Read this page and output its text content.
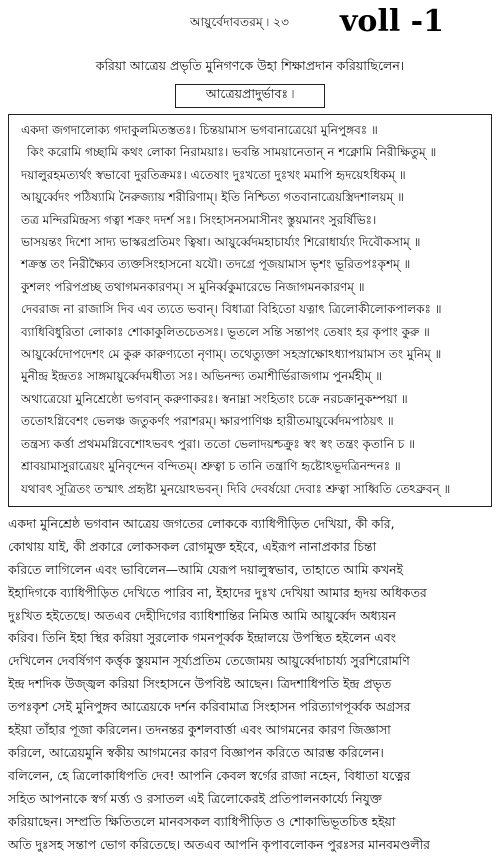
আয়ুর্বেদাবতরম্‌ ৷ ২৩ voll -1
করিয়া আত্রেয় প্রভৃতি মুনিগণকে উহা শিক্ষাপ্রদান করিয়াছিলেন।
আত্রেয়প্রাদুর্ভাবঃ ৷
একদা জগদালোক্য গদাকুলমিতস্ততঃ। চিন্তয়ামাস ভগবানাত্রেয়ো মুনিপুঙ্গবঃ ॥
কিং করোমি গচ্ছামি কথং লোকা নিরাময়াঃ। ভবন্তি সাময়ানেতান্‌ ন শক্নোমি নিরীক্ষিতুম্‌ ॥
দয়ালুরহমত্যর্থং স্বভাবো দুরতিক্রমঃ। এতেষাং দুঃখতো দুঃখং মমাপি হৃদয়েঽধিকম্‌ ॥
আয়ুর্ব্বেদং পঠিষ্যামি নৈরুজ্যায় শরীরিণাম্‌। ইতি নিশ্চিত্য গতবানাত্রেয়স্ত্রিদশালয়ম্‌ ॥
তত্র মন্দিরমিন্দ্রস্য গত্বা শক্রং দদর্শ সঃ। সিংহাসনসমাসীনং স্তুয়মানং সুরর্ষিভিঃ।
ভাসয়ন্তং দিশো সাদ্য ভাস্করপ্রতিমং ত্বিষা। আয়ুর্ব্বেদমহাচার্য্যং শিরোধার্য্যং দিবৌকসাম্‌ ॥
শক্রস্ত তং নিরীক্ষ্যৈব ত্যক্তসিংহাসনো যযৌ। তদগ্রে পূজয়ামাস ভৃশং ভূরিতপঃকৃশম্‌ ॥
কুশলং পরিপপ্রচ্ছ তথাগমনকারণম্‌। স মুনির্ব্বকুমারেভে নিজাগমনকারণম্‌ ॥
দেবরাজ না রাজাসি দিব এব ত্যতে ভবান্‌। বিধাত্রা বিহিতো যত্নাৎ ত্রিলোকীলোকপালকঃ ॥
ব্যাধিবিধুরিতা লোকাঃ শোকাকুলিতচেতসঃ। ভূতলে সন্তি সন্তাপং তেষাং হর কৃপাং কুরু ॥
আয়ুর্ব্বেদোপদেশং মে কুরু কারুণ্যতো নৃণাম্‌। তথেত্যুক্তা সহস্রাক্ষোঽধ্যাপয়ামাস তং মুনিম্‌ ॥
মুনীন্দ্র ইন্দ্রতঃ সাঙ্গমায়ুর্ব্বেদমধীত্য সঃ। অভিনন্দ্য তমাশীর্ভিরাজগাম পুনর্মহীম্‌ ॥
অথাত্রেয়ো মুনিশ্রেষ্ঠো ভগবান্‌ করুণাকরঃ। স্বনাম্না সংহিতাং চক্রে নরচক্রানুকম্পয়া ॥
ততোঽগ্নিবেশং ভেলঞ্চ জতুকর্ণং পরাশরম্‌। ক্ষারপাণিঞ্চ হারীতমায়ুর্ব্বেদমপাঠয়ৎ ॥
তন্ত্রস্য কর্ত্তা প্রথমমগ্নিবেশোঽভবৎ পুরা। ততো ভেলাদয়শ্চক্রুঃ স্বং স্বং তন্ত্রং কৃতানি চ ॥
শ্রাবয়ামাসুরাত্রেয়ং মুনিবৃন্দেন বন্দিতম্‌। শ্রুত্বা চ তানি তন্ত্রাণি হৃষ্টোঽভূদত্রিনন্দনঃ ॥
যথাবৎ সূত্রিতং তস্মাৎ প্রহৃষ্টা মুনয়োঽভবন্‌। দিবি দেবর্ষয়ো দেবাঃ শ্রুত্বা সাধ্বিতি তেঽব্রুবন্‌ ॥
একদা মুনিশ্রেষ্ঠ ভগবান আত্রেয় জগতের লোককে ব্যাধিপীড়িত দেখিয়া, কী করি,
কোথায় যাই, কী প্রকারে লোকসকল রোগমুক্ত হইবে, এইরূপ নানাপ্রকার চিন্তা
করিতে লাগিলেন এবং ভাবিলেন—আমি যেরূপ দয়ালুস্বভাব, তাহাতে আমি কখনই
ইহাদিগকে ব্যাধিপীড়িত দেখিতে পারিব না, ইহাদের দুঃখ দেখিয়া আমার হৃদয় অধিকতর
দুঃখিত হইতেছে। অতএব দেহীদিগের ব্যাধিশান্তির নিমিত্ত আমি আয়ুর্ব্বেদ অধ্যয়ন
করিব। তিনি ইহা স্থির করিয়া সুরলোক গমনপূর্ব্বক ইন্দ্রালয়ে উপস্থিত হইলেন এবং
দেখিলেন দেবর্ষিগণ কর্ত্তৃক স্তুয়মান সূর্য্যপ্রতিম তেজোময় আয়ুর্ব্বেদাচার্য্য সুরশিরোমণি
ইন্দ্র দশদিক উজ্জ্বল করিয়া সিংহাসনে উপবিষ্ট আছেন। ত্রিদশাধিপতি ইন্দ্র প্রভৃত
তপঃকৃশ সেই মুনিপুঙ্গব আত্রেয়কে দর্শন করিবামাত্র সিংহাসন পরিত্যাগপূর্ব্বক অগ্রসর
হইয়া তাঁহার পূজা করিলেন। তদনন্তর কুশলবার্ত্তা এবং আগমনের কারণ জিজ্ঞাসা
করিলে, আত্রেয়মুনি স্বকীয় আগমনের কারণ বিজ্ঞাপন করিতে আরম্ভ করিলেন।
বলিলেন, হে ত্রিলোকাধিপতি দেব! আপনি কেবল স্বর্গের রাজা নহেন, বিধাতা যত্নের
সহিত আপনাকে স্বর্গ মর্ত্ত্য ও রসাতল এই ত্রিলোকেরই প্রতিপালনকার্য্যে নিযুক্ত
করিয়াছেন। সম্প্রতি ক্ষিতিতলে মানবসকল ব্যাধিপীড়িত ও শোকাভিভূতচিত্ত হইয়া
অতি দুঃসহ সন্তাপ ভোগ করিতেছে। অতএব আপনি কৃপাবলোকন পুরঃসর মানবমণ্ডলীর
